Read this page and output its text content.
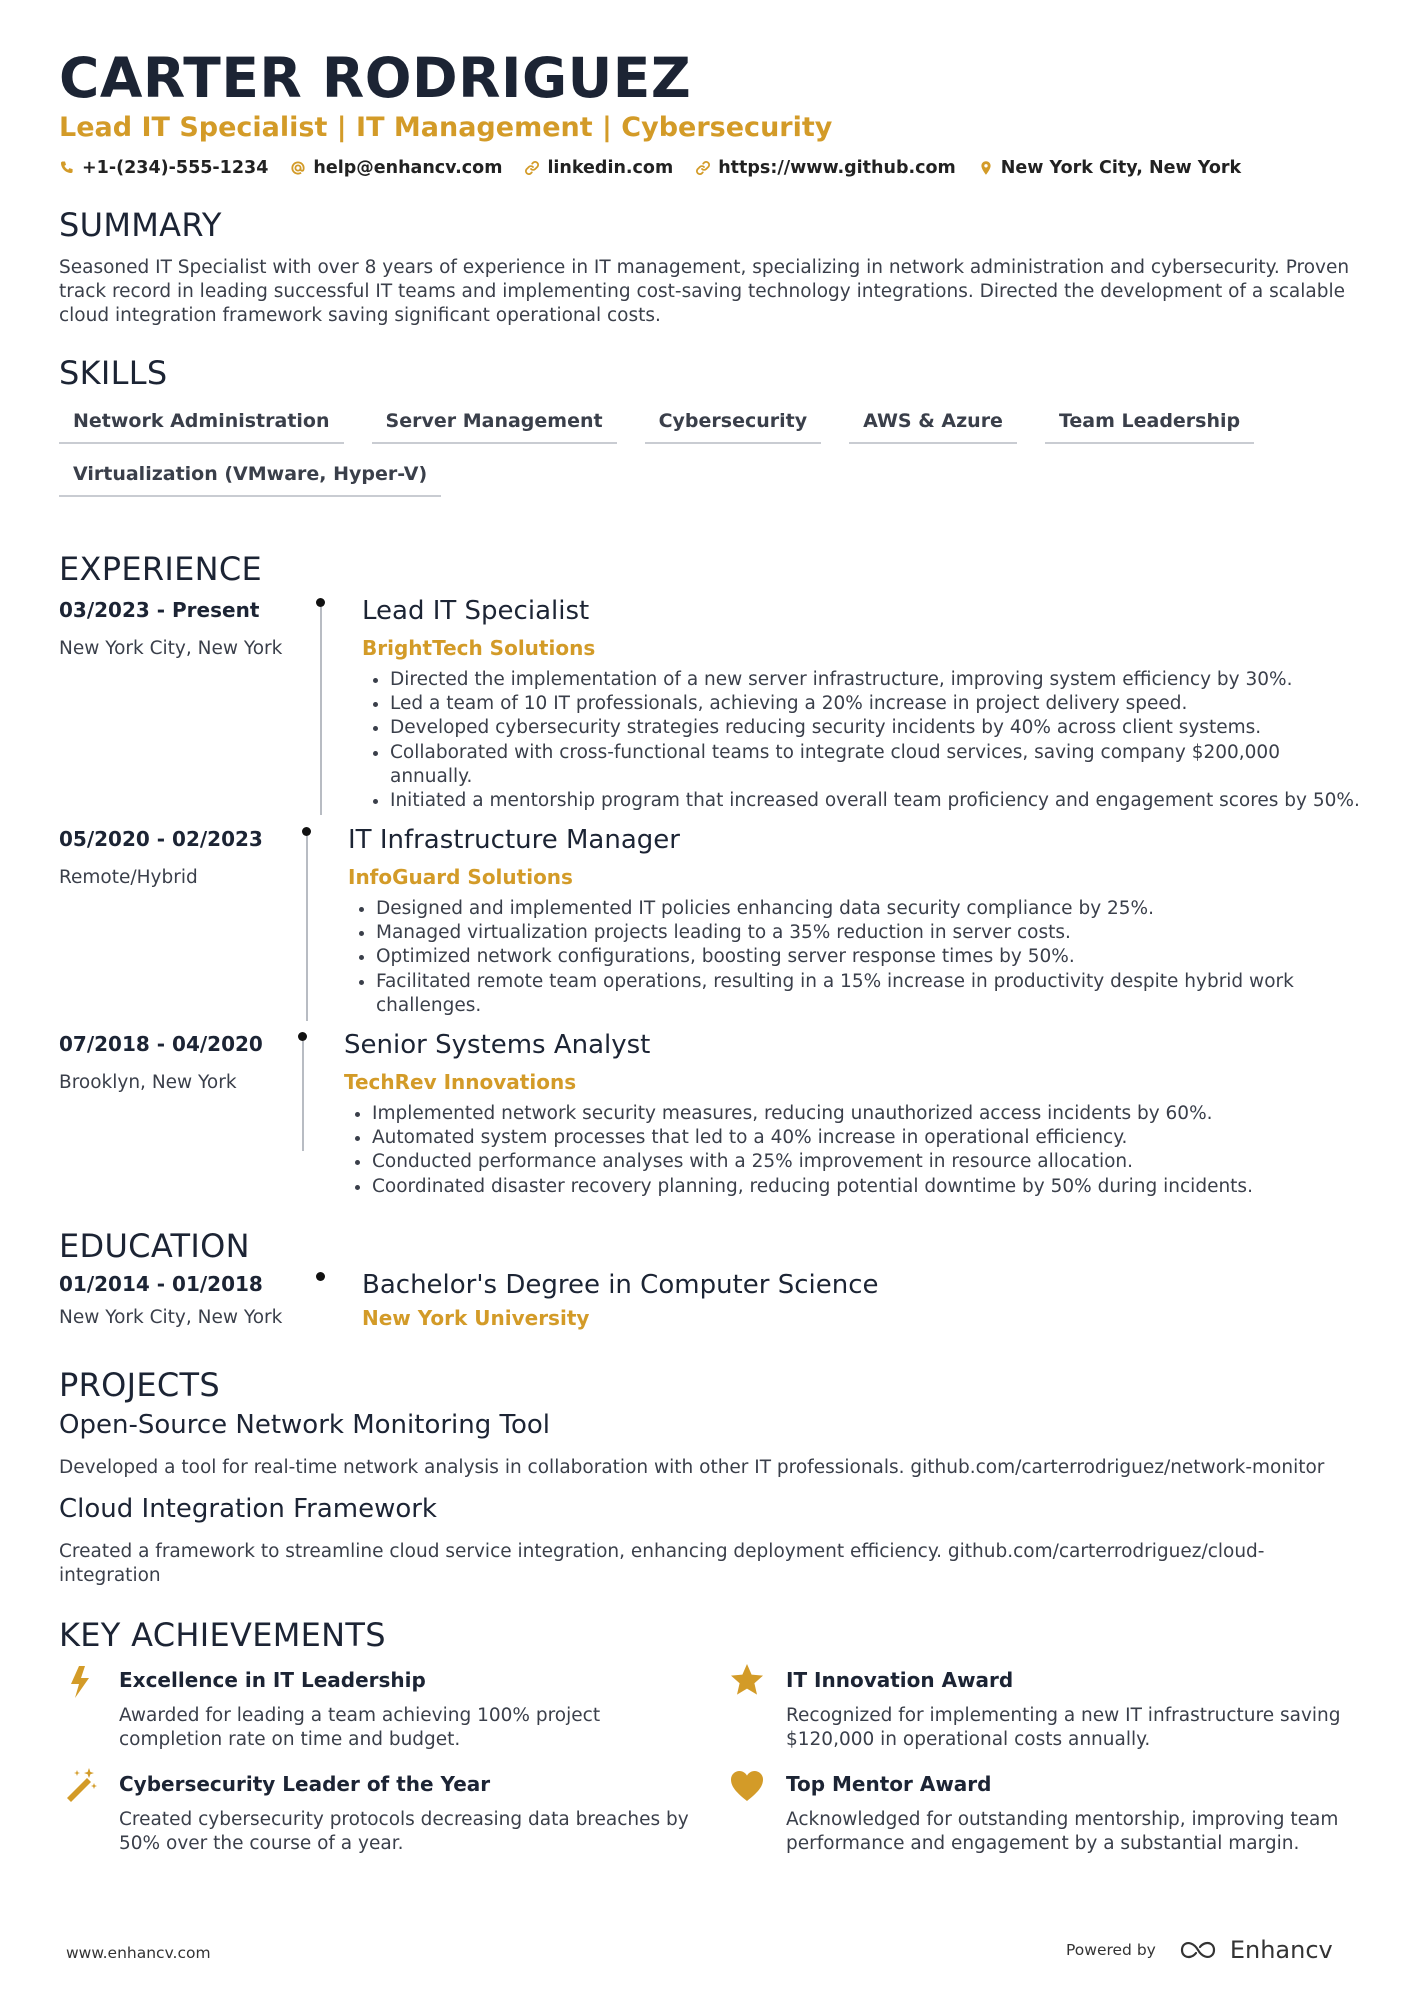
CARTER RODRIGUEZ
Lead IT Specialist | IT Management | Cybersecurity
+1-(234)-555-1234	help@enhancv.com	linkedin.com	https://www.github.com	New York City, New York
SUMMARY
Seasoned IT Specialist with over 8 years of experience in IT management, specializing in network administration and cybersecurity. Proven track record in leading successful IT teams and implementing cost-saving technology integrations. Directed the development of a scalable cloud integration framework saving significant operational costs.
SKILLS
Network Administration	Server Management	Cybersecurity	AWS & Azure	Team Leadership
Virtualization (VMware, Hyper-V)
EXPERIENCE
03/2023 - Present
New York City, New York
Lead IT Specialist
BrightTech Solutions
• Directed the implementation of a new server infrastructure, improving system efficiency by 30%.
• Led a team of 10 IT professionals, achieving a 20% increase in project delivery speed.
• Developed cybersecurity strategies reducing security incidents by 40% across client systems.
• Collaborated with cross-functional teams to integrate cloud services, saving company $200,000 annually.
• Initiated a mentorship program that increased overall team proficiency and engagement scores by 50%.
05/2020 - 02/2023
Remote/Hybrid
IT Infrastructure Manager
InfoGuard Solutions
• Designed and implemented IT policies enhancing data security compliance by 25%.
• Managed virtualization projects leading to a 35% reduction in server costs.
• Optimized network configurations, boosting server response times by 50%.
• Facilitated remote team operations, resulting in a 15% increase in productivity despite hybrid work challenges.
07/2018 - 04/2020
Brooklyn, New York
Senior Systems Analyst
TechRev Innovations
• Implemented network security measures, reducing unauthorized access incidents by 60%.
• Automated system processes that led to a 40% increase in operational efficiency.
• Conducted performance analyses with a 25% improvement in resource allocation.
• Coordinated disaster recovery planning, reducing potential downtime by 50% during incidents.
EDUCATION
01/2014 - 01/2018
New York City, New York
Bachelor's Degree in Computer Science
New York University
PROJECTS
Open-Source Network Monitoring Tool
Developed a tool for real-time network analysis in collaboration with other IT professionals. github.com/carterrodriguez/network-monitor
Cloud Integration Framework
Created a framework to streamline cloud service integration, enhancing deployment efficiency. github.com/carterrodriguez/cloud-integration
KEY ACHIEVEMENTS
Excellence in IT Leadership
Awarded for leading a team achieving 100% project completion rate on time and budget.
IT Innovation Award
Recognized for implementing a new IT infrastructure saving $120,000 in operational costs annually.
Cybersecurity Leader of the Year
Created cybersecurity protocols decreasing data breaches by 50% over the course of a year.
Top Mentor Award
Acknowledged for outstanding mentorship, improving team performance and engagement by a substantial margin.
www.enhancv.com	Powered by	Enhancv
